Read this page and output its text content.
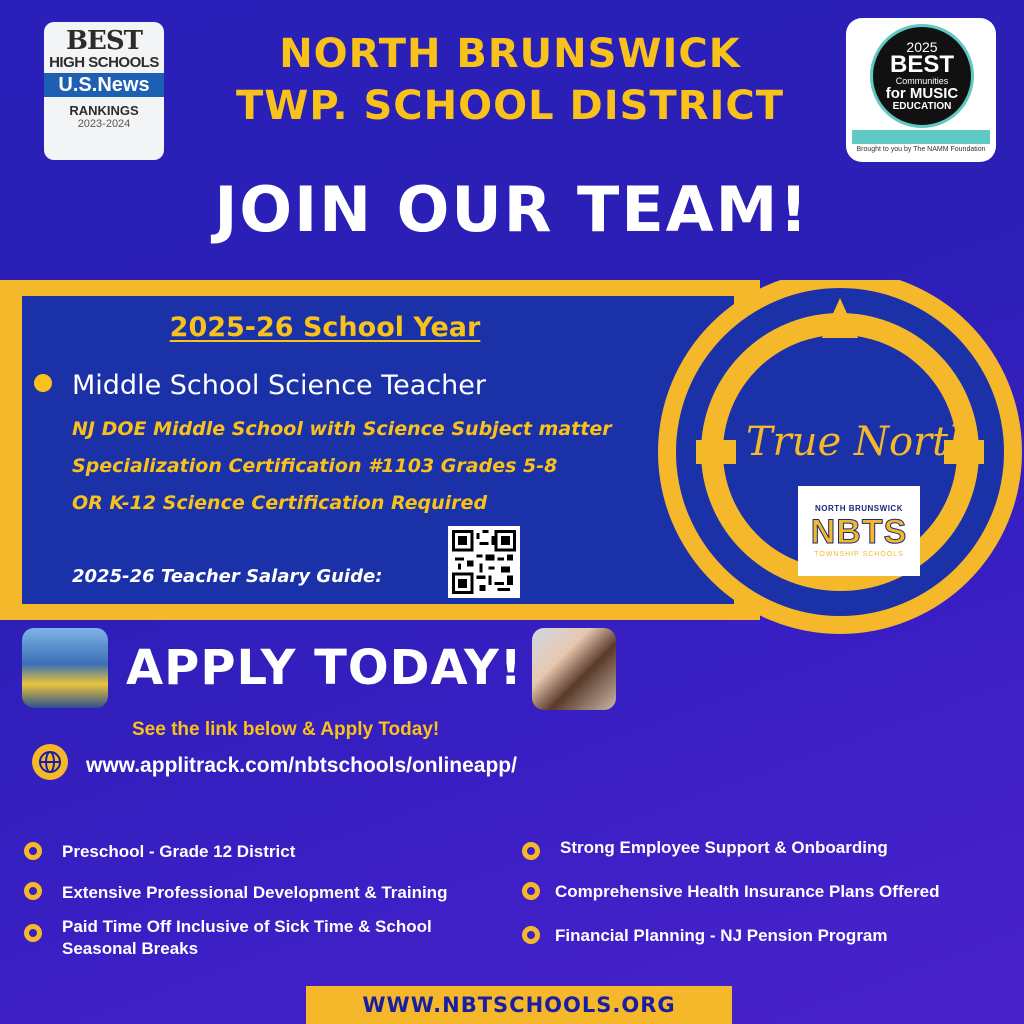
BEST
HIGH SCHOOLS
U.S.News
RANKINGS
2023-2024
2025
BEST
Communities
for MUSIC
EDUCATION
Brought to you by The NAMM Foundation
NORTH BRUNSWICK
TWP. SCHOOL DISTRICT
JOIN OUR TEAM!
2025-26 School Year
Middle School Science Teacher
NJ DOE Middle School with Science Subject matter
Specialization Certification #1103 Grades 5-8
OR K-12 Science Certification Required
2025-26 Teacher Salary Guide:
True North
NORTH BRUNSWICK
NBTS
TOWNSHIP SCHOOLS
APPLY TODAY!
See the link below & Apply Today!
www.applitrack.com/nbtschools/onlineapp/
Preschool - Grade 12 District
Extensive Professional Development & Training
Paid Time Off Inclusive of Sick Time & School
Seasonal Breaks
Strong Employee Support & Onboarding
Comprehensive Health Insurance Plans Offered
Financial Planning - NJ Pension Program
WWW.NBTSCHOOLS.ORG
